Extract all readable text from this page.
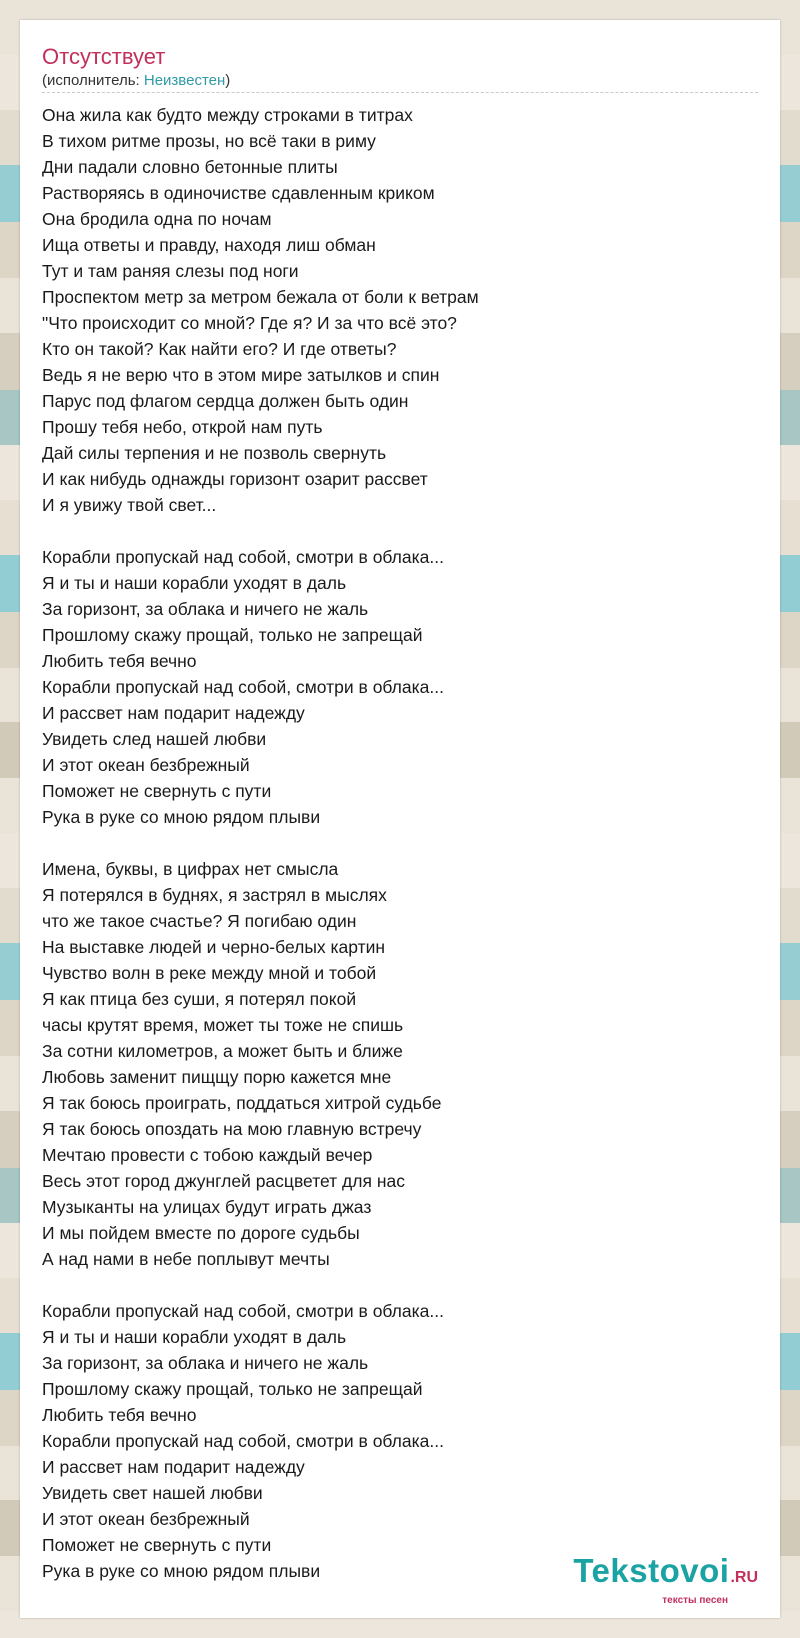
Отсутствует
(исполнитель: Неизвестен)
Она жила как будто между строками в титрах
В тихом ритме прозы, но всё таки в риму
Дни падали словно бетонные плиты
Растворяясь в одиночистве сдавленным криком
Она бродила одна по ночам
Ища ответы и правду, находя лиш обман
Тут и там раняя слезы под ноги
Проспектом метр за метром бежала от боли к ветрам
"Что происходит со мной? Где я? И за что всё это?
Кто он такой? Как найти его? И где ответы?
Ведь я не верю что в этом мире затылков и спин
Парус под флагом сердца должен быть один
Прошу тебя небо, открой нам путь
Дай силы терпения и не позволь свернуть
И как нибудь однажды горизонт озарит рассвет
И я увижу твой свет...
Корабли пропускай над собой, смотри в облака...
Я и ты и наши корабли уходят в даль
За горизонт, за облака и ничего не жаль
Прошлому скажу прощай, только не запрещай
Любить тебя вечно
Корабли пропускай над собой, смотри в облака...
И рассвет нам подарит надежду
Увидеть след нашей любви
И этот океан безбрежный
Поможет не свернуть с пути
Рука в руке со мною рядом плыви
Имена, буквы, в цифрах нет смысла
Я потерялся в буднях, я застрял в мыслях
что же такое счастье? Я погибаю один
На выставке людей и черно-белых картин
Чувство волн в реке между мной и тобой
Я как птица без суши, я потерял покой
часы крутят время, может ты тоже не спишь
За сотни километров, а может быть и ближе
Любовь заменит пищщу порю кажется мне
Я так боюсь проиграть, поддаться хитрой судьбе
Я так боюсь опоздать на мою главную встречу
Мечтаю провести с тобою каждый вечер
Весь этот город джунглей расцветет для нас
Музыканты на улицах будут играть джаз
И мы пойдем вместе по дороге судьбы
А над нами в небе поплывут мечты
Корабли пропускай над собой, смотри в облака...
Я и ты и наши корабли уходят в даль
За горизонт, за облака и ничего не жаль
Прошлому скажу прощай, только не запрещай
Любить тебя вечно
Корабли пропускай над собой, смотри в облака...
И рассвет нам подарит надежду
Увидеть свет нашей любви
И этот океан безбрежный
Поможет не свернуть с пути
Рука в руке со мною рядом плыви	Tekstovoi.RU
тексты песен
